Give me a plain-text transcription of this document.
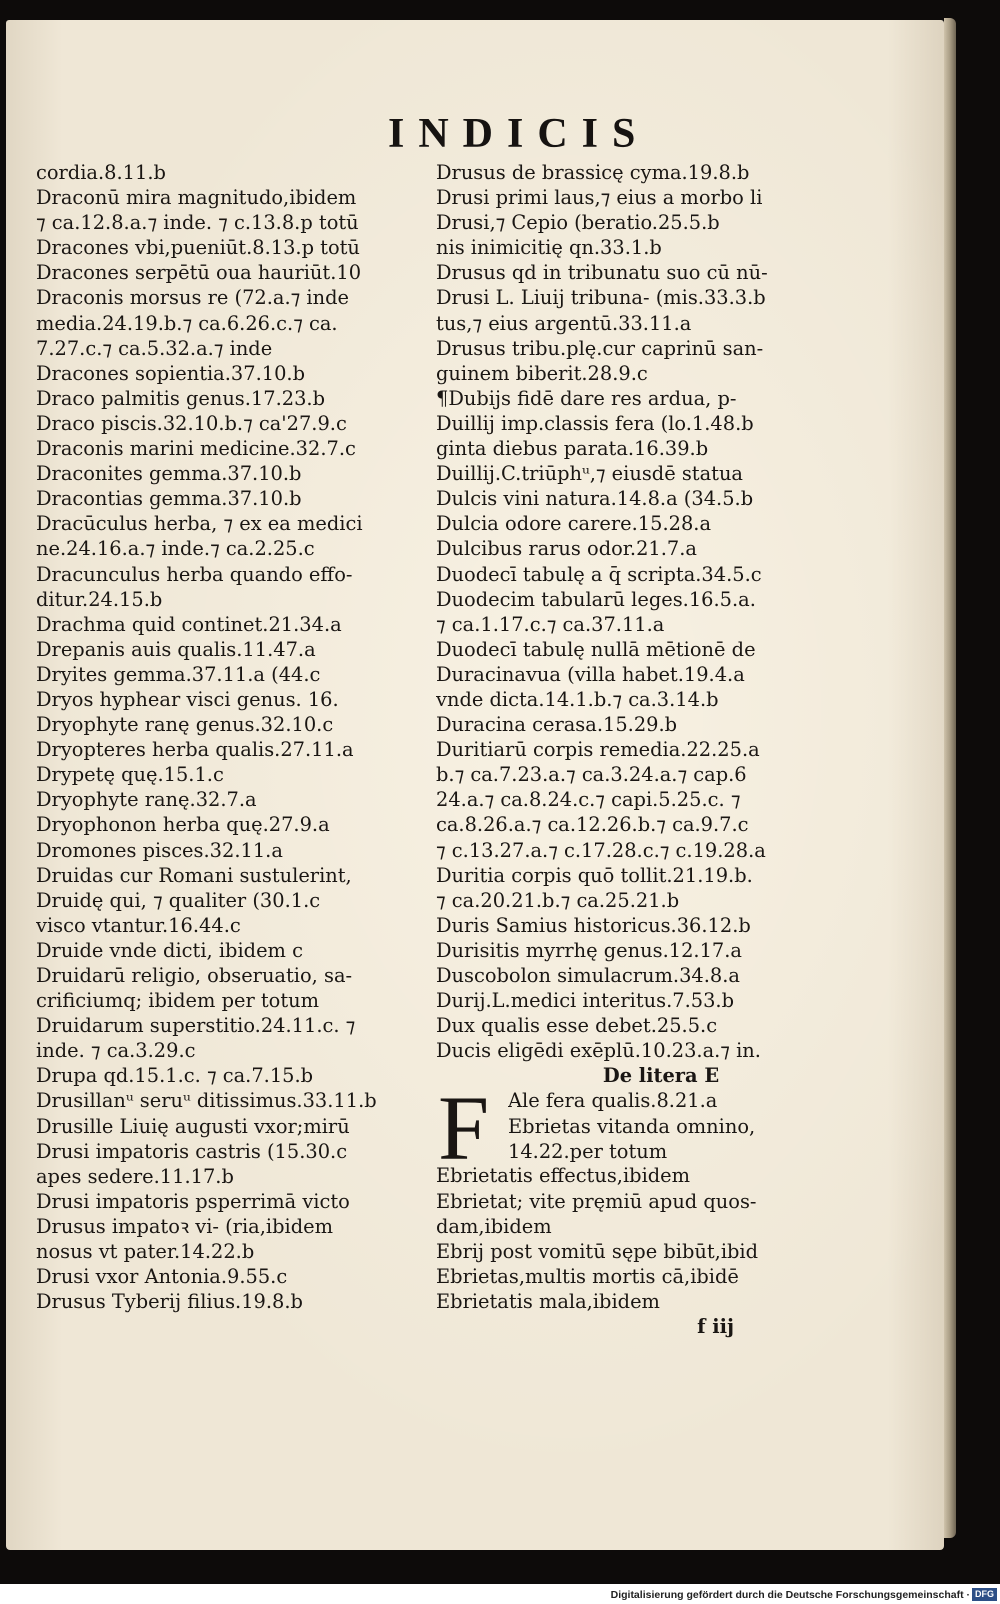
INDICIS
cordia.8.11.b
Draconū mira magnitudo,ibidem
⁊ ca.12.8.a.⁊ inde. ⁊ c.13.8.p totū
Dracones vbi,pueniūt.8.13.p totū
Dracones serpētū oua hauriūt.10
Draconis morsus re (72.a.⁊ inde
media.24.19.b.⁊ ca.6.26.c.⁊ ca.
7.27.c.⁊ ca.5.32.a.⁊ inde
Dracones sopientia.37.10.b
Draco palmitis genus.17.23.b
Draco piscis.32.10.b.⁊ ca'27.9.c
Draconis marini medicine.32.7.c
Draconites gemma.37.10.b
Dracontias gemma.37.10.b
Dracūculus herba, ⁊ ex ea medici
ne.24.16.a.⁊ inde.⁊ ca.2.25.c
Dracunculus herba quando effo-
ditur.24.15.b
Drachma quid continet.21.34.a
Drepanis auis qualis.11.47.a
Dryites gemma.37.11.a (44.c
Dryos hyphear visci genus. 16.
Dryophyte ranę genus.32.10.c
Dryopteres herba qualis.27.11.a
Drypetę quę.15.1.c
Dryophyte ranę.32.7.a
Dryophonon herba quę.27.9.a
Dromones pisces.32.11.a
Druidas cur Romani sustulerint,
Druidę qui, ⁊ qualiter (30.1.c
visco vtantur.16.44.c
Druide vnde dicti, ibidem c
Druidarū religio, obseruatio, sa-
crificiumq; ibidem per totum
Druidarum superstitio.24.11.c. ⁊
inde. ⁊ ca.3.29.c
Drupa qd.15.1.c. ⁊ ca.7.15.b
Drusillanᵘ seruᵘ ditissimus.33.11.b
Drusille Liuię augusti vxor;mirū
Drusi impatoris castris (15.30.c
apes sedere.11.17.b
Drusi impatoris psperrimā victo
Drusus impatoꝛ vi- (ria,ibidem
nosus vt pater.14.22.b
Drusi vxor Antonia.9.55.c
Drusus Tyberij filius.19.8.b
Drusus de brassicę cyma.19.8.b
Drusi primi laus,⁊ eius a morbo li
Drusi,⁊ Cepio (beratio.25.5.b
nis inimicitię qn.33.1.b
Drusus qd in tribunatu suo cū nū-
Drusi L. Liuij tribuna- (mis.33.3.b
tus,⁊ eius argentū.33.11.a
Drusus tribu.plę.cur caprinū san-
guinem biberit.28.9.c
¶Dubijs fidē dare res ardua, p-
Duillij imp.classis fera (lo.1.48.b
ginta diebus parata.16.39.b
Duillij.C.triūphᵘ,⁊ eiusdē statua
Dulcis vini natura.14.8.a (34.5.b
Dulcia odore carere.15.28.a
Dulcibus rarus odor.21.7.a
Duodecī tabulę a q̄ scripta.34.5.c
Duodecim tabularū leges.16.5.a.
⁊ ca.1.17.c.⁊ ca.37.11.a
Duodecī tabulę nullā mētionē de
Duracinavua (villa habet.19.4.a
vnde dicta.14.1.b.⁊ ca.3.14.b
Duracina cerasa.15.29.b
Duritiarū corpis remedia.22.25.a
b.⁊ ca.7.23.a.⁊ ca.3.24.a.⁊ cap.6
24.a.⁊ ca.8.24.c.⁊ capi.5.25.c. ⁊
ca.8.26.a.⁊ ca.12.26.b.⁊ ca.9.7.c
⁊ c.13.27.a.⁊ c.17.28.c.⁊ c.19.28.a
Duritia corpis quō tollit.21.19.b.
⁊ ca.20.21.b.⁊ ca.25.21.b
Duris Samius historicus.36.12.b
Durisitis myrrhę genus.12.17.a
Duscobolon simulacrum.34.8.a
Durij.L.medici interitus.7.53.b
Dux qualis esse debet.25.5.c
Ducis eligēdi exēplū.10.23.a.⁊ in.
De litera E
F Ale fera qualis.8.21.a
Ebrietas vitanda omnino,
14.22.per totum
Ebrietatis effectus,ibidem
Ebrietat; vite pręmiū apud quos-
dam,ibidem
Ebrij post vomitū sępe bibūt,ibid
Ebrietas,multis mortis cā,ibidē
Ebrietatis mala,ibidem
f iij
Digitalisierung gefördert durch die Deutsche Forschungsgemeinschaft · DFG
